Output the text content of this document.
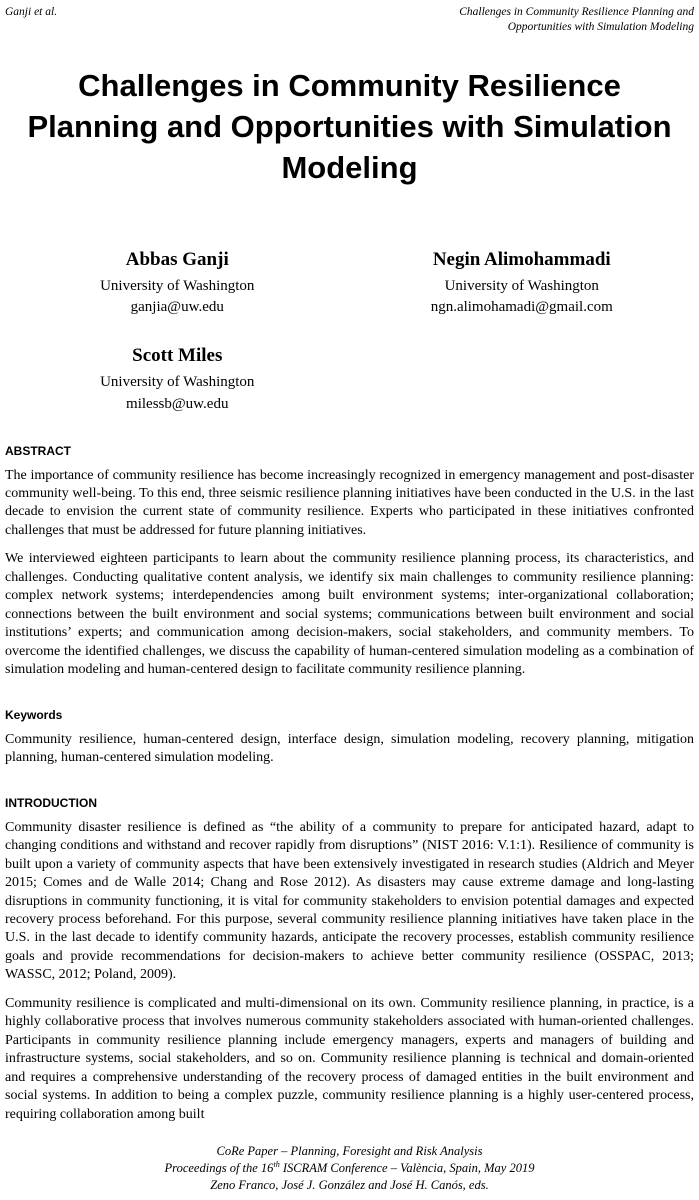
Ganji et al.	Challenges in Community Resilience Planning and
Opportunities with Simulation Modeling
Challenges in Community Resilience Planning and Opportunities with Simulation Modeling
Abbas Ganji
University of Washington
ganjia@uw.edu
Negin Alimohammadi
University of Washington
ngn.alimohamadi@gmail.com
Scott Miles
University of Washington
milessb@uw.edu
ABSTRACT

The importance of community resilience has become increasingly recognized in emergency management and post-disaster community well-being. To this end, three seismic resilience planning initiatives have been conducted in the U.S. in the last decade to envision the current state of community resilience. Experts who participated in these initiatives confronted challenges that must be addressed for future planning initiatives.

We interviewed eighteen participants to learn about the community resilience planning process, its characteristics, and challenges. Conducting qualitative content analysis, we identify six main challenges to community resilience planning: complex network systems; interdependencies among built environment systems; inter-organizational collaboration; connections between the built environment and social systems; communications between built environment and social institutions’ experts; and communication among decision-makers, social stakeholders, and community members. To overcome the identified challenges, we discuss the capability of human-centered simulation modeling as a combination of simulation modeling and human-centered design to facilitate community resilience planning.

Keywords

Community resilience, human-centered design, interface design, simulation modeling, recovery planning, mitigation planning, human-centered simulation modeling.

INTRODUCTION

Community disaster resilience is defined as “the ability of a community to prepare for anticipated hazard, adapt to changing conditions and withstand and recover rapidly from disruptions” (NIST 2016: V.1:1). Resilience of community is built upon a variety of community aspects that have been extensively investigated in research studies (Aldrich and Meyer 2015; Comes and de Walle 2014; Chang and Rose 2012). As disasters may cause extreme damage and long-lasting disruptions in community functioning, it is vital for community stakeholders to envision potential damages and expected recovery process beforehand. For this purpose, several community resilience planning initiatives have taken place in the U.S. in the last decade to identify community hazards, anticipate the recovery processes, establish community resilience goals and provide recommendations for decision-makers to achieve better community resilience (OSSPAC, 2013; WASSC, 2012; Poland, 2009).

Community resilience is complicated and multi-dimensional on its own. Community resilience planning, in practice, is a highly collaborative process that involves numerous community stakeholders associated with human-oriented challenges. Participants in community resilience planning include emergency managers, experts and managers of building and infrastructure systems, social stakeholders, and so on. Community resilience planning is technical and domain-oriented and requires a comprehensive understanding of the recovery process of damaged entities in the built environment and social systems. In addition to being a complex puzzle, community resilience planning is a highly user-centered process, requiring collaboration among built

CoRe Paper – Planning, Foresight and Risk Analysis
Proceedings of the 16th ISCRAM Conference – València, Spain, May 2019
Zeno Franco, José J. González and José H. Canós, eds.
